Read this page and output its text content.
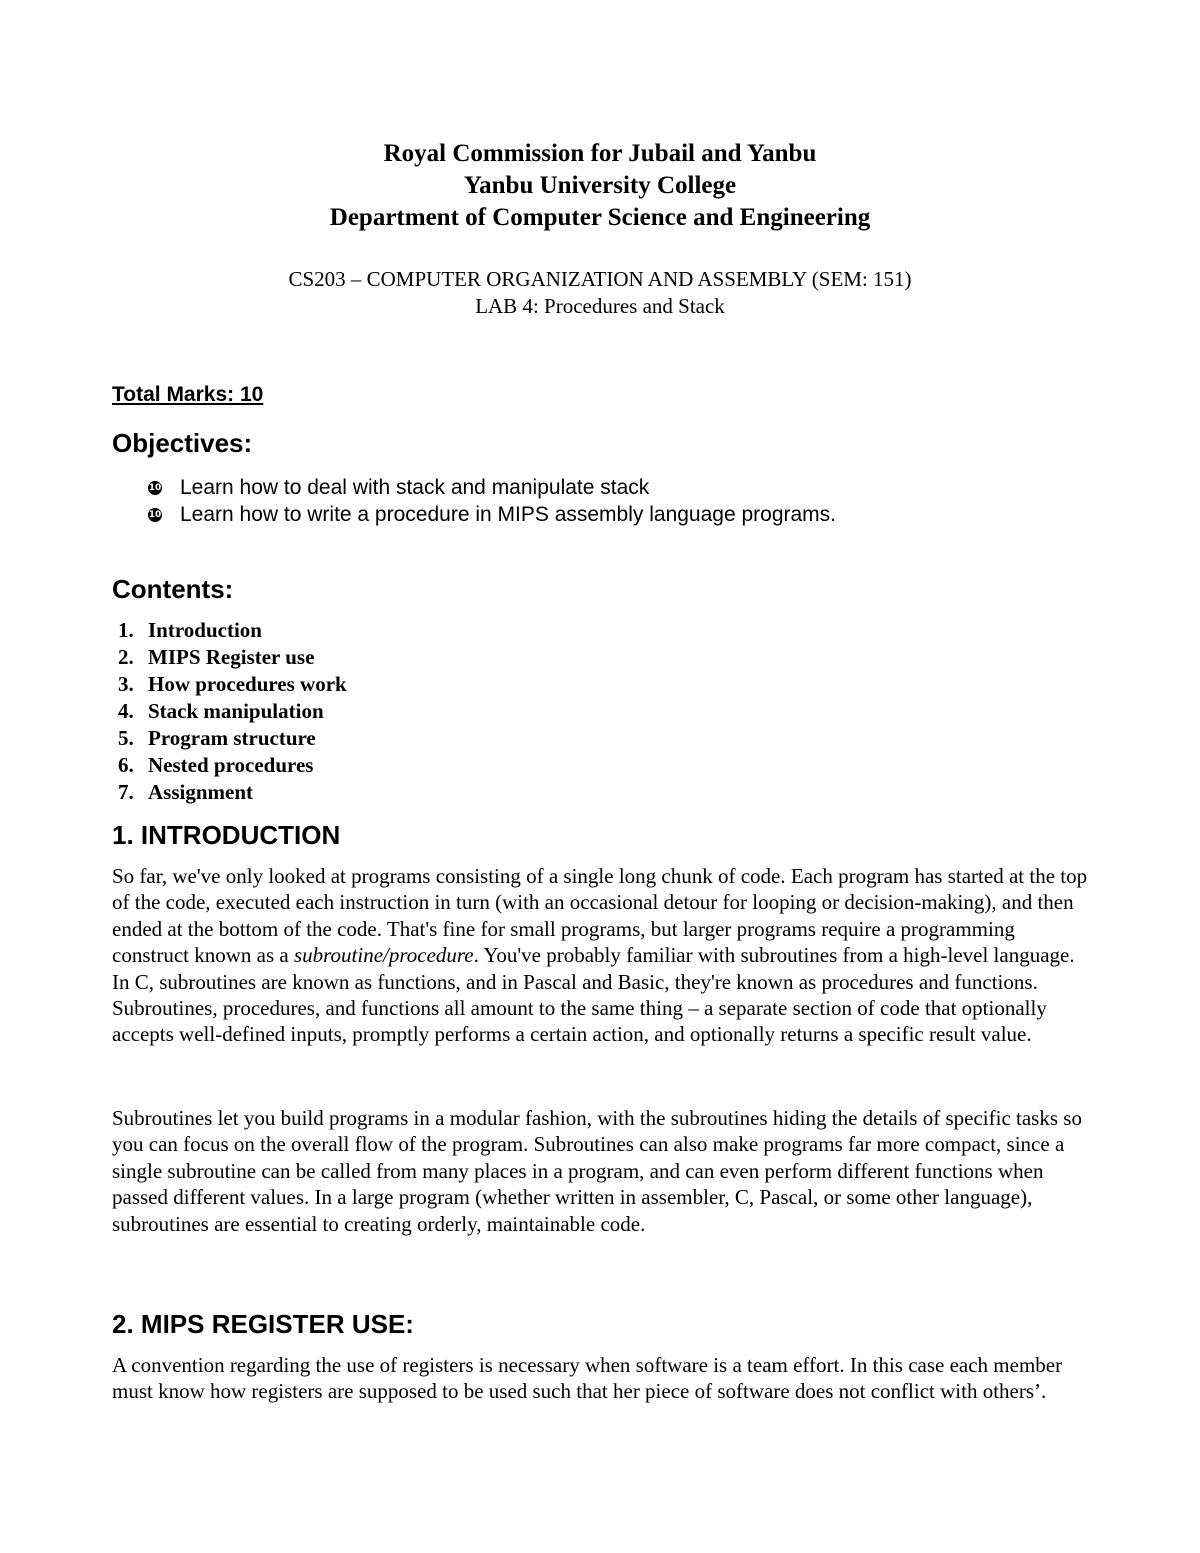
Royal Commission for Jubail and Yanbu
Yanbu University College
Department of Computer Science and Engineering
CS203 – COMPUTER ORGANIZATION AND ASSEMBLY (SEM: 151)
LAB 4: Procedures and Stack
Total Marks: 10
Objectives:
10 Learn how to deal with stack and manipulate stack
10 Learn how to write a procedure in MIPS assembly language programs.
Contents:
1. Introduction
2. MIPS Register use
3. How procedures work
4. Stack manipulation
5. Program structure
6. Nested procedures
7. Assignment
1. INTRODUCTION

So far, we've only looked at programs consisting of a single long chunk of code. Each program has started at the top of the code, executed each instruction in turn (with an occasional detour for looping or decision-making), and then ended at the bottom of the code. That's fine for small programs, but larger programs require a programming construct known as a subroutine/procedure. You've probably familiar with subroutines from a high-level language. In C, subroutines are known as functions, and in Pascal and Basic, they're known as procedures and functions. Subroutines, procedures, and functions all amount to the same thing – a separate section of code that optionally accepts well-defined inputs, promptly performs a certain action, and optionally returns a specific result value.

Subroutines let you build programs in a modular fashion, with the subroutines hiding the details of specific tasks so you can focus on the overall flow of the program. Subroutines can also make programs far more compact, since a single subroutine can be called from many places in a program, and can even perform different functions when passed different values. In a large program (whether written in assembler, C, Pascal, or some other language), subroutines are essential to creating orderly, maintainable code.

2. MIPS REGISTER USE:

A convention regarding the use of registers is necessary when software is a team effort. In this case each member must know how registers are supposed to be used such that her piece of software does not conflict with others’.
